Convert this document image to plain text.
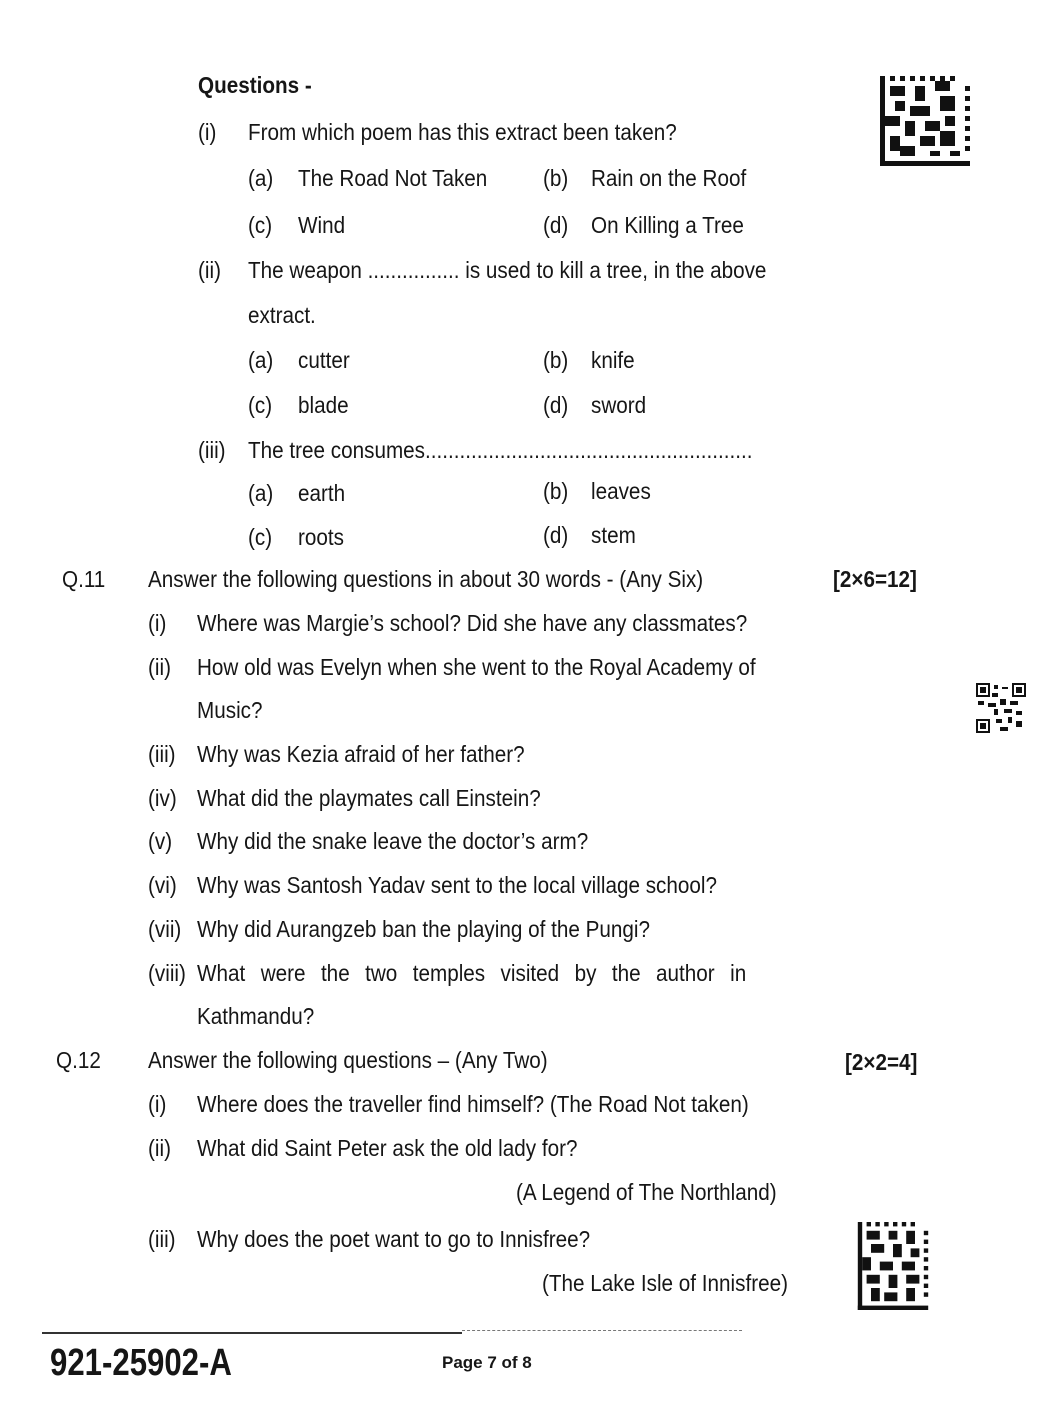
Questions -
(i) From which poem has this extract been taken?
(a) The Road Not Taken (b) Rain on the Roof
(c) Wind	(d) On Killing a Tree
(ii) The weapon ................ is used to kill a tree, in the above
extract.
(a) cutter	(b) knife
(c) blade	(d) sword
(iii) The tree consumes.........................................................
(a) earth	(b) leaves
(c) roots	(d) stem
Q.11 Answer the following questions in about 30 words - (Any Six)	[2×6=12]
(i) Where was Margie’s school? Did she have any classmates?
(ii) How old was Evelyn when she went to the Royal Academy of
Music?
(iii) Why was Kezia afraid of her father?
(iv) What did the playmates call Einstein?
(v) Why did the snake leave the doctor’s arm?
(vi) Why was Santosh Yadav sent to the local village school?
(vii) Why did Aurangzeb ban the playing of the Pungi?
(viii) What were the two temples visited by the author in
Kathmandu?
Q.12 Answer the following questions – (Any Two)	[2×2=4]
(i) Where does the traveller find himself? (The Road Not taken)
(ii) What did Saint Peter ask the old lady for?
(A Legend of The Northland)
(iii) Why does the poet want to go to Innisfree?
(The Lake Isle of Innisfree)
921-25902-A	Page 7 of 8
